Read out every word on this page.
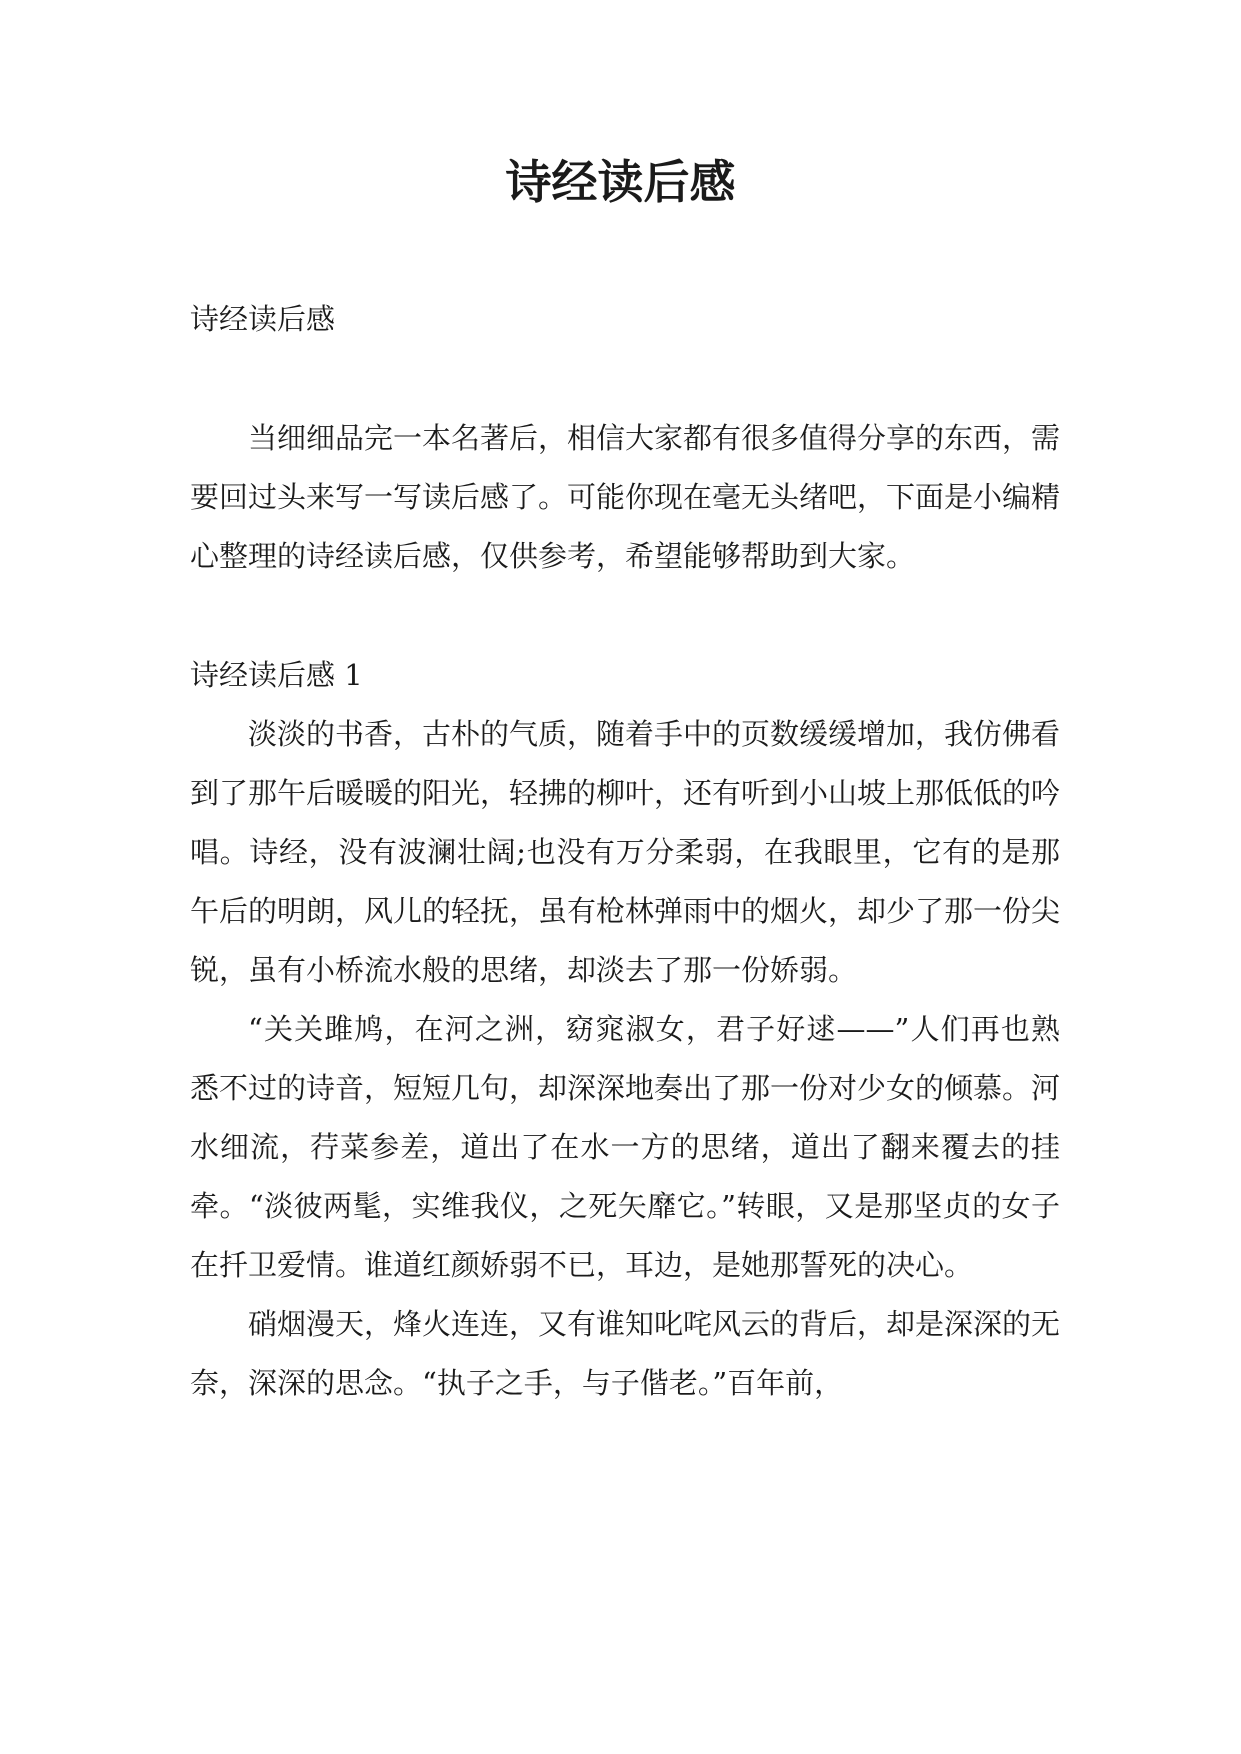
诗经读后感

诗经读后感

当细细品完一本名著后，相信大家都有很多值得分享的东西，需要回过头来写一写读后感了。可能你现在毫无头绪吧，下面是小编精心整理的诗经读后感，仅供参考，希望能够帮助到大家。

诗经读后感 1

淡淡的书香，古朴的气质，随着手中的页数缓缓增加，我仿佛看到了那午后暖暖的阳光，轻拂的柳叶，还有听到小山坡上那低低的吟唱。诗经，没有波澜壮阔;也没有万分柔弱，在我眼里，它有的是那午后的明朗，风儿的轻抚，虽有枪林弹雨中的烟火，却少了那一份尖锐，虽有小桥流水般的思绪，却淡去了那一份娇弱。

“关关雎鸠，在河之洲，窈窕淑女，君子好逑——”人们再也熟悉不过的诗音，短短几句，却深深地奏出了那一份对少女的倾慕。河水细流，荇菜参差，道出了在水一方的思绪，道出了翻来覆去的挂牵。“淡彼两髦，实维我仪，之死矢靡它。”转眼，又是那坚贞的女子在扦卫爱情。谁道红颜娇弱不已，耳边，是她那誓死的决心。

硝烟漫天，烽火连连，又有谁知叱咤风云的背后，却是深深的无奈，深深的思念。“执子之手，与子偕老。”百年前，
